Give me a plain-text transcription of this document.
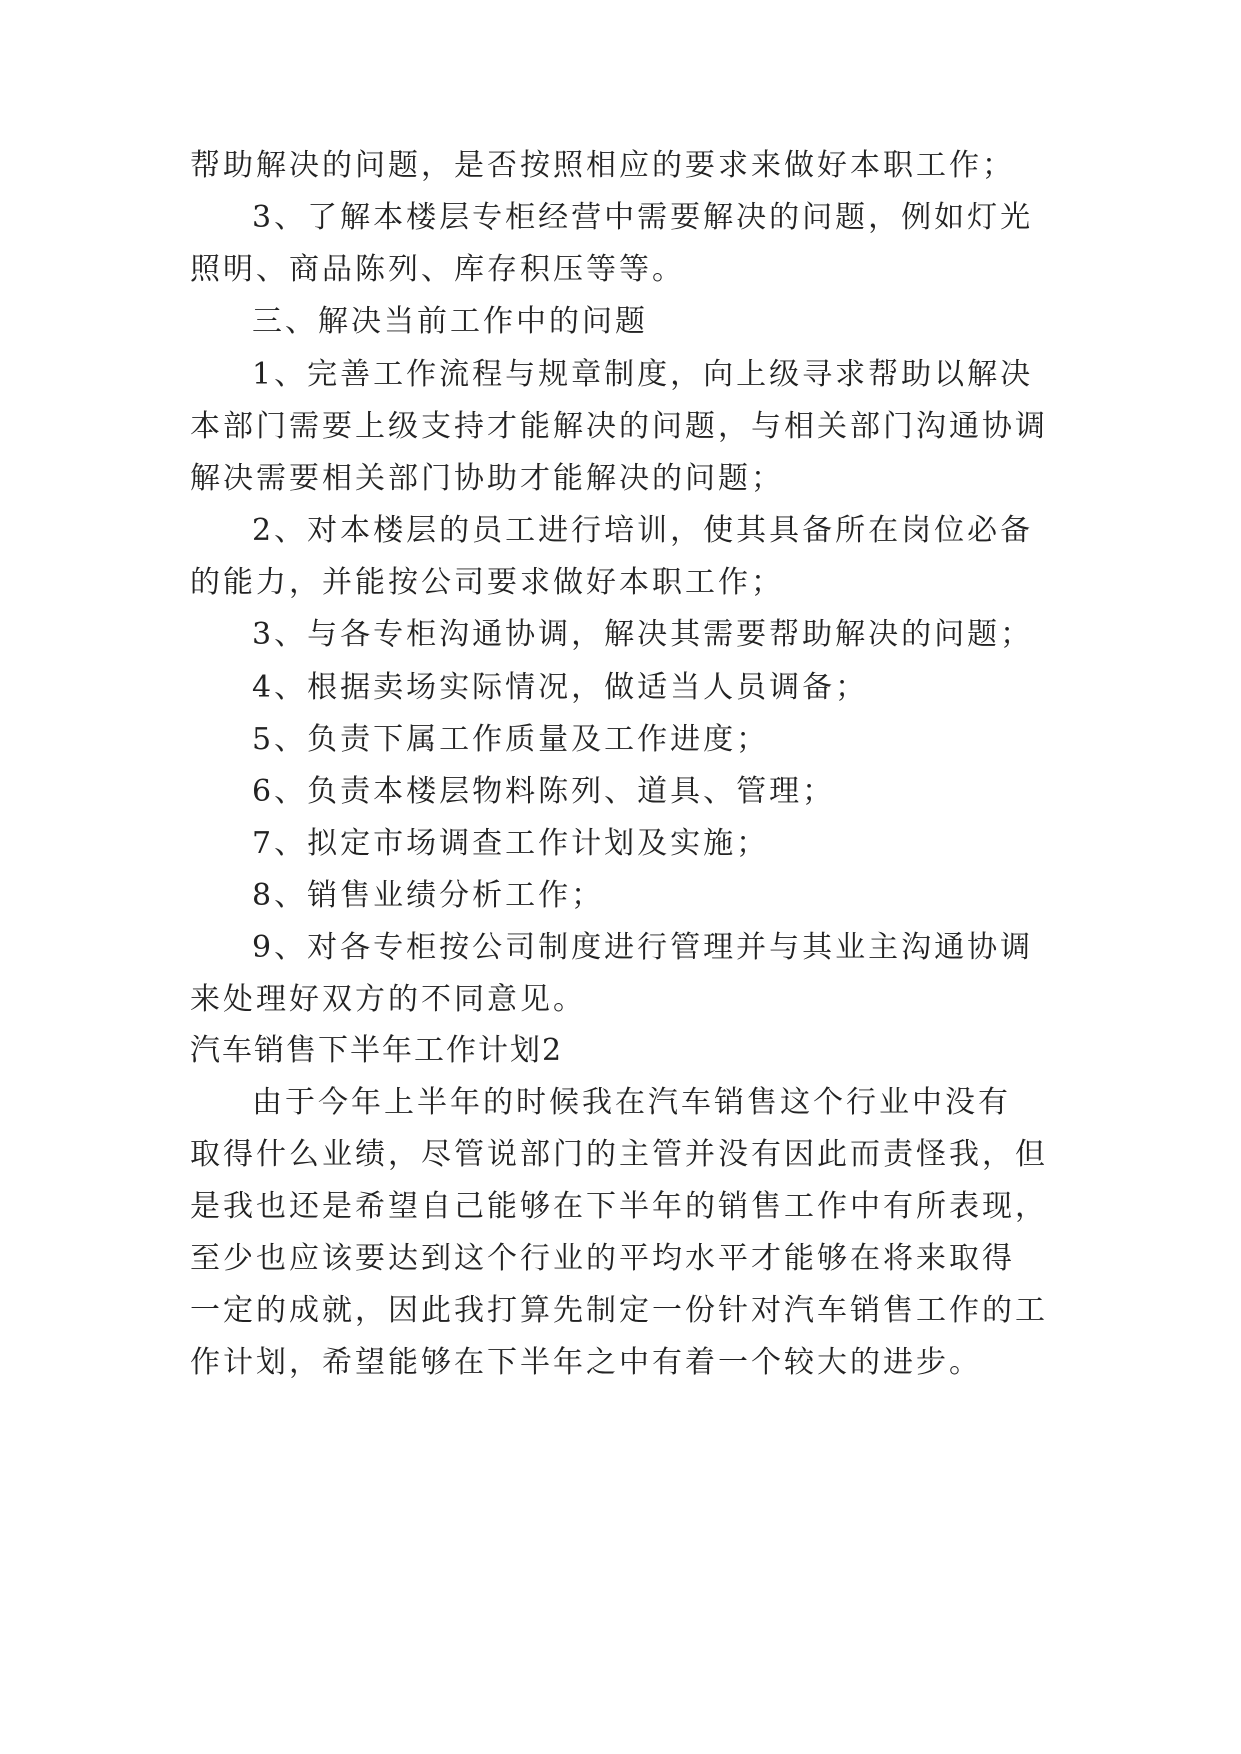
帮助解决的问题，是否按照相应的要求来做好本职工作；

3、了解本楼层专柜经营中需要解决的问题，例如灯光

照明、商品陈列、库存积压等等。

三、解决当前工作中的问题

1、完善工作流程与规章制度，向上级寻求帮助以解决

本部门需要上级支持才能解决的问题，与相关部门沟通协调

解决需要相关部门协助才能解决的问题；

2、对本楼层的员工进行培训，使其具备所在岗位必备

的能力，并能按公司要求做好本职工作；

3、与各专柜沟通协调，解决其需要帮助解决的问题；

4、根据卖场实际情况，做适当人员调备；

5、负责下属工作质量及工作进度；

6、负责本楼层物料陈列、道具、管理；

7、拟定市场调查工作计划及实施；

8、销售业绩分析工作；

9、对各专柜按公司制度进行管理并与其业主沟通协调

来处理好双方的不同意见。

汽车销售下半年工作计划2

由于今年上半年的时候我在汽车销售这个行业中没有

取得什么业绩，尽管说部门的主管并没有因此而责怪我，但

是我也还是希望自己能够在下半年的销售工作中有所表现，

至少也应该要达到这个行业的平均水平才能够在将来取得

一定的成就，因此我打算先制定一份针对汽车销售工作的工

作计划，希望能够在下半年之中有着一个较大的进步。
